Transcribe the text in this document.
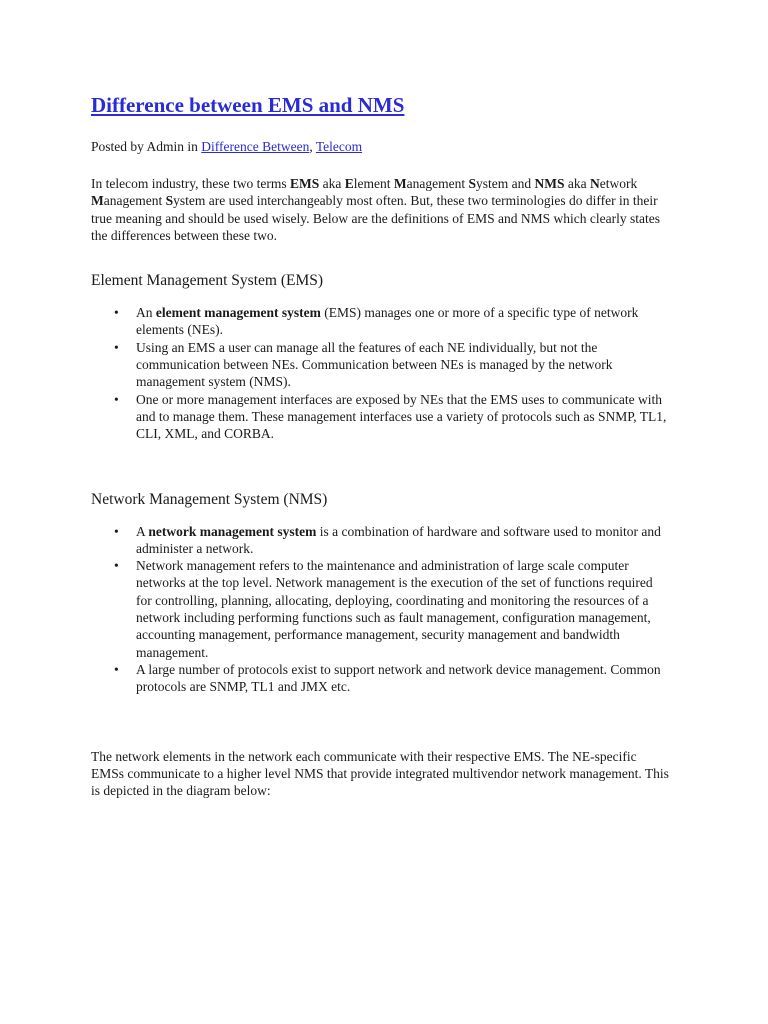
Difference between EMS and NMS
Posted by Admin in Difference Between, Telecom

In telecom industry, these two terms EMS aka Element Management System and NMS aka Network Management System are used interchangeably most often. But, these two terminologies do differ in their true meaning and should be used wisely. Below are the definitions of EMS and NMS which clearly states the differences between these two.

Element Management System (EMS)
• An element management system (EMS) manages one or more of a specific type of network elements (NEs).
• Using an EMS a user can manage all the features of each NE individually, but not the communication between NEs. Communication between NEs is managed by the network management system (NMS).
• One or more management interfaces are exposed by NEs that the EMS uses to communicate with and to manage them. These management interfaces use a variety of protocols such as SNMP, TL1, CLI, XML, and CORBA.
Network Management System (NMS)
• A network management system is a combination of hardware and software used to monitor and administer a network.
• Network management refers to the maintenance and administration of large scale computer networks at the top level. Network management is the execution of the set of functions required for controlling, planning, allocating, deploying, coordinating and monitoring the resources of a network including performing functions such as fault management, configuration management, accounting management, performance management, security management and bandwidth management.
• A large number of protocols exist to support network and network device management. Common protocols are SNMP, TL1 and JMX etc.

The network elements in the network each communicate with their respective EMS. The NE-specific EMSs communicate to a higher level NMS that provide integrated multivendor network management. This is depicted in the diagram below:
